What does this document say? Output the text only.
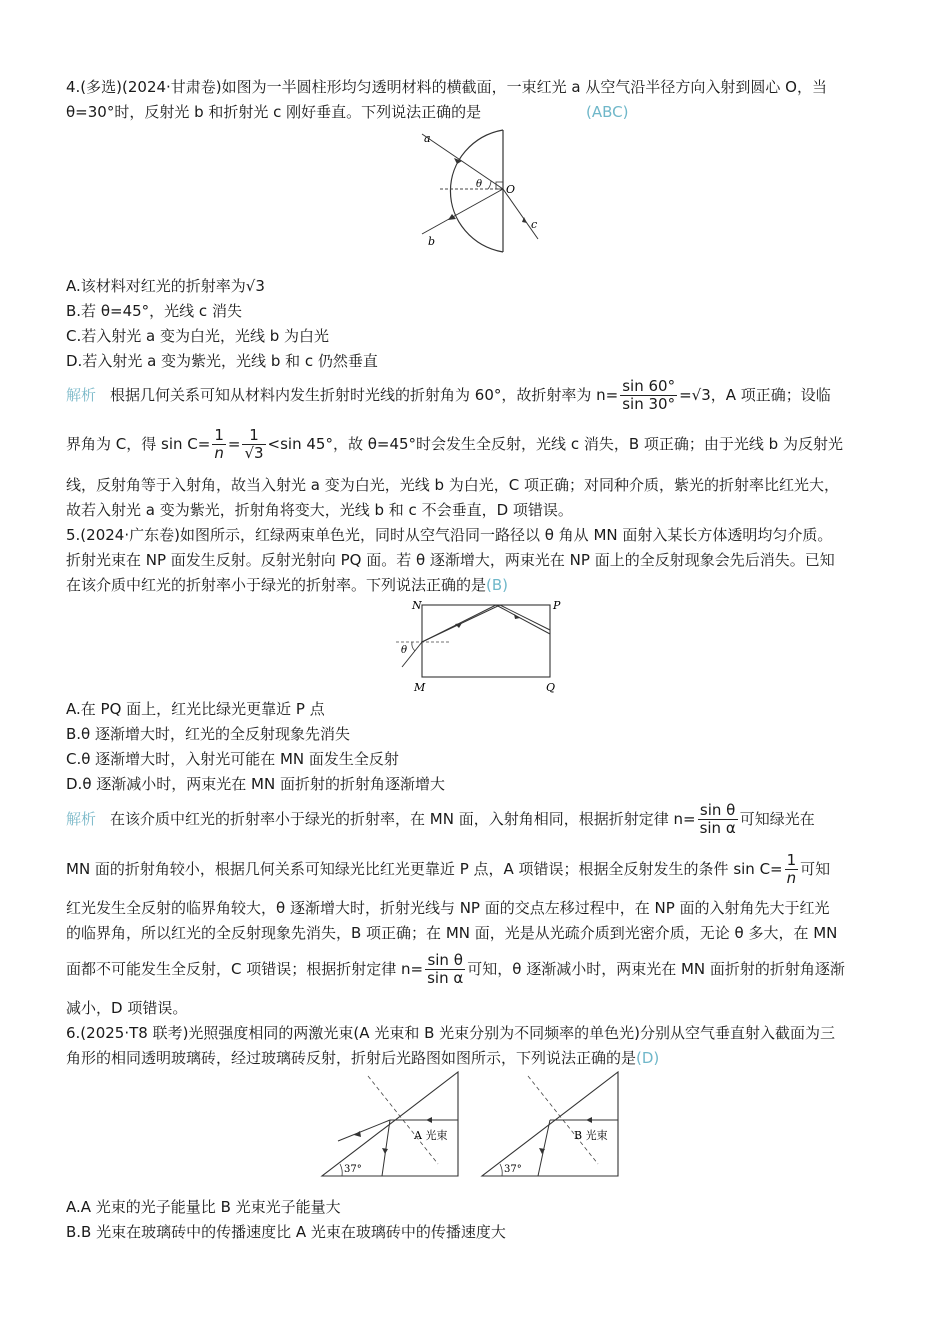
4.(多选)(2024·甘肃卷)如图为一半圆柱形均匀透明材料的横截面，一束红光 a 从空气沿半径方向入射到圆心 O，当
θ=30°时，反射光 b 和折射光 c 刚好垂直。下列说法正确的是	(ABC)
a
b
c
O
θ
A.该材料对红光的折射率为√3
B.若 θ=45°，光线 c 消失
C.若入射光 a 变为白光，光线 b 为白光
D.若入射光 a 变为紫光，光线 b 和 c 仍然垂直
解析 根据几何关系可知从材料内发生折射时光线的折射角为 60°，故折射率为 $n= \frac{\sin 60^\circ}{\sin 30^\circ} =√3$，A 项正确；设临
界角为 C，得 $\sin C= \frac{1}{n} = \frac{1}{√3} <\sin$ 45°，故 θ=45°时会发生全反射，光线 c 消失，B 项正确；由于光线 b 为反射光
线，反射角等于入射角，故当入射光 a 变为白光，光线 b 为白光，C 项正确；对同种介质，紫光的折射率比红光大，
故若入射光 a 变为紫光，折射角将变大，光线 b 和 c 不会垂直，D 项错误。
5.(2024·广东卷)如图所示，红绿两束单色光，同时从空气沿同一路径以 θ 角从 MN 面射入某长方体透明均匀介质。
折射光束在 NP 面发生反射。反射光射向 PQ 面。若 θ 逐渐增大，两束光在 NP 面上的全反射现象会先后消失。已知
在该介质中红光的折射率小于绿光的折射率。下列说法正确的是(B)
N	P
M	Q
θ
A.在 PQ 面上，红光比绿光更靠近 P 点
B.θ 逐渐增大时，红光的全反射现象先消失
C.θ 逐渐增大时，入射光可能在 MN 面发生全反射
D.θ 逐渐减小时，两束光在 MN 面折射的折射角逐渐增大
解析 在该介质中红光的折射率小于绿光的折射率，在 MN 面，入射角相同，根据折射定律 $n= \frac{\text{sin θ}}{\text{sin α}}$ 可知绿光在
MN 面的折射角较小，根据几何关系可知绿光比红光更靠近 P 点，A 项错误；根据全反射发生的条件 $\sin C= \frac{1}{n}$ 可知
红光发生全反射的临界角较大，θ 逐渐增大时，折射光线与 NP 面的交点左移过程中，在 NP 面的入射角先大于红光
的临界角，所以红光的全反射现象先消失，B 项正确；在 MN 面，光是从光疏介质到光密介质，无论 θ 多大，在 MN
面都不可能发生全反射，C 项错误；根据折射定律 $n= \frac{\text{sin θ}}{\text{sin α}}$ 可知，θ 逐渐减小时，两束光在 MN 面折射的折射角逐渐
减小，D 项错误。
6.(2025·T8 联考)光照强度相同的两激光束(A 光束和 B 光束分别为不同频率的单色光)分别从空气垂直射入截面为三
角形的相同透明玻璃砖，经过玻璃砖反射，折射后光路图如图所示，下列说法正确的是(D)
A 光束
37°
B 光束
37°
A.A 光束的光子能量比 B 光束光子能量大
B.B 光束在玻璃砖中的传播速度比 A 光束在玻璃砖中的传播速度大
